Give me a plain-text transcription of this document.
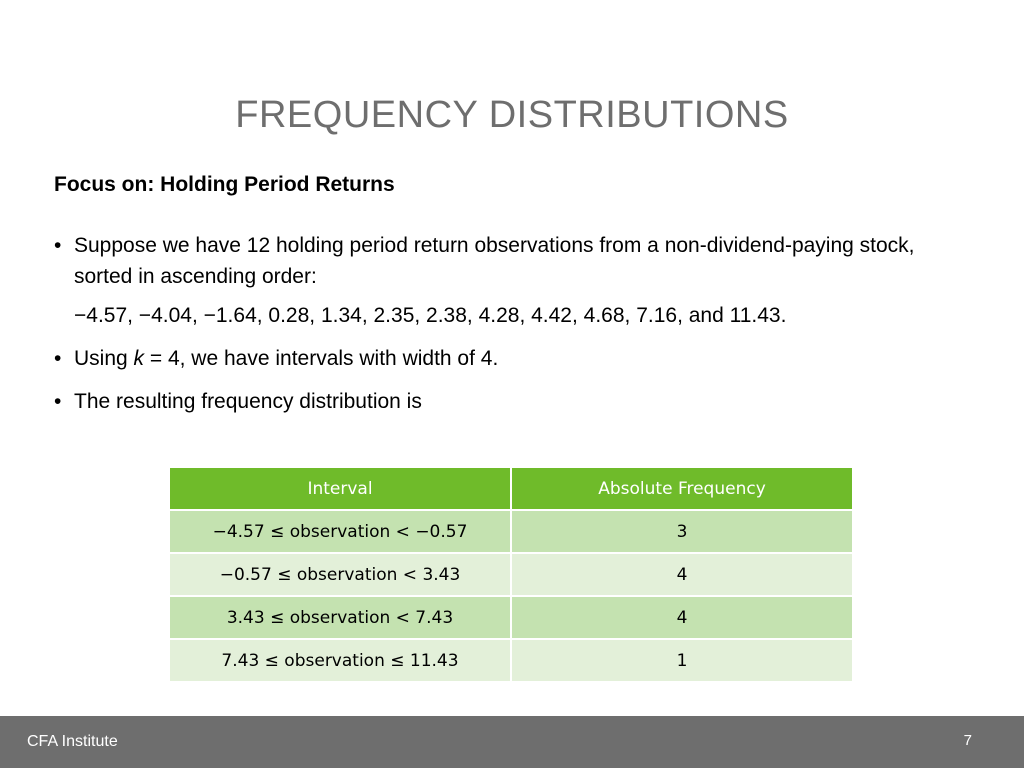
FREQUENCY DISTRIBUTIONS
Focus on: Holding Period Returns
• Suppose we have 12 holding period return observations from a non-dividend-paying stock, sorted in ascending order:
−4.57, −4.04, −1.64, 0.28, 1.34, 2.35, 2.38, 4.28, 4.42, 4.68, 7.16, and 11.43.
• Using k = 4, we have intervals with width of 4.
• The resulting frequency distribution is
Interval	Absolute Frequency
−4.57 ≤ observation < −0.57	3
−0.57 ≤ observation < 3.43	4
3.43 ≤ observation < 7.43	4
7.43 ≤ observation ≤ 11.43	1
CFA Institute	7
